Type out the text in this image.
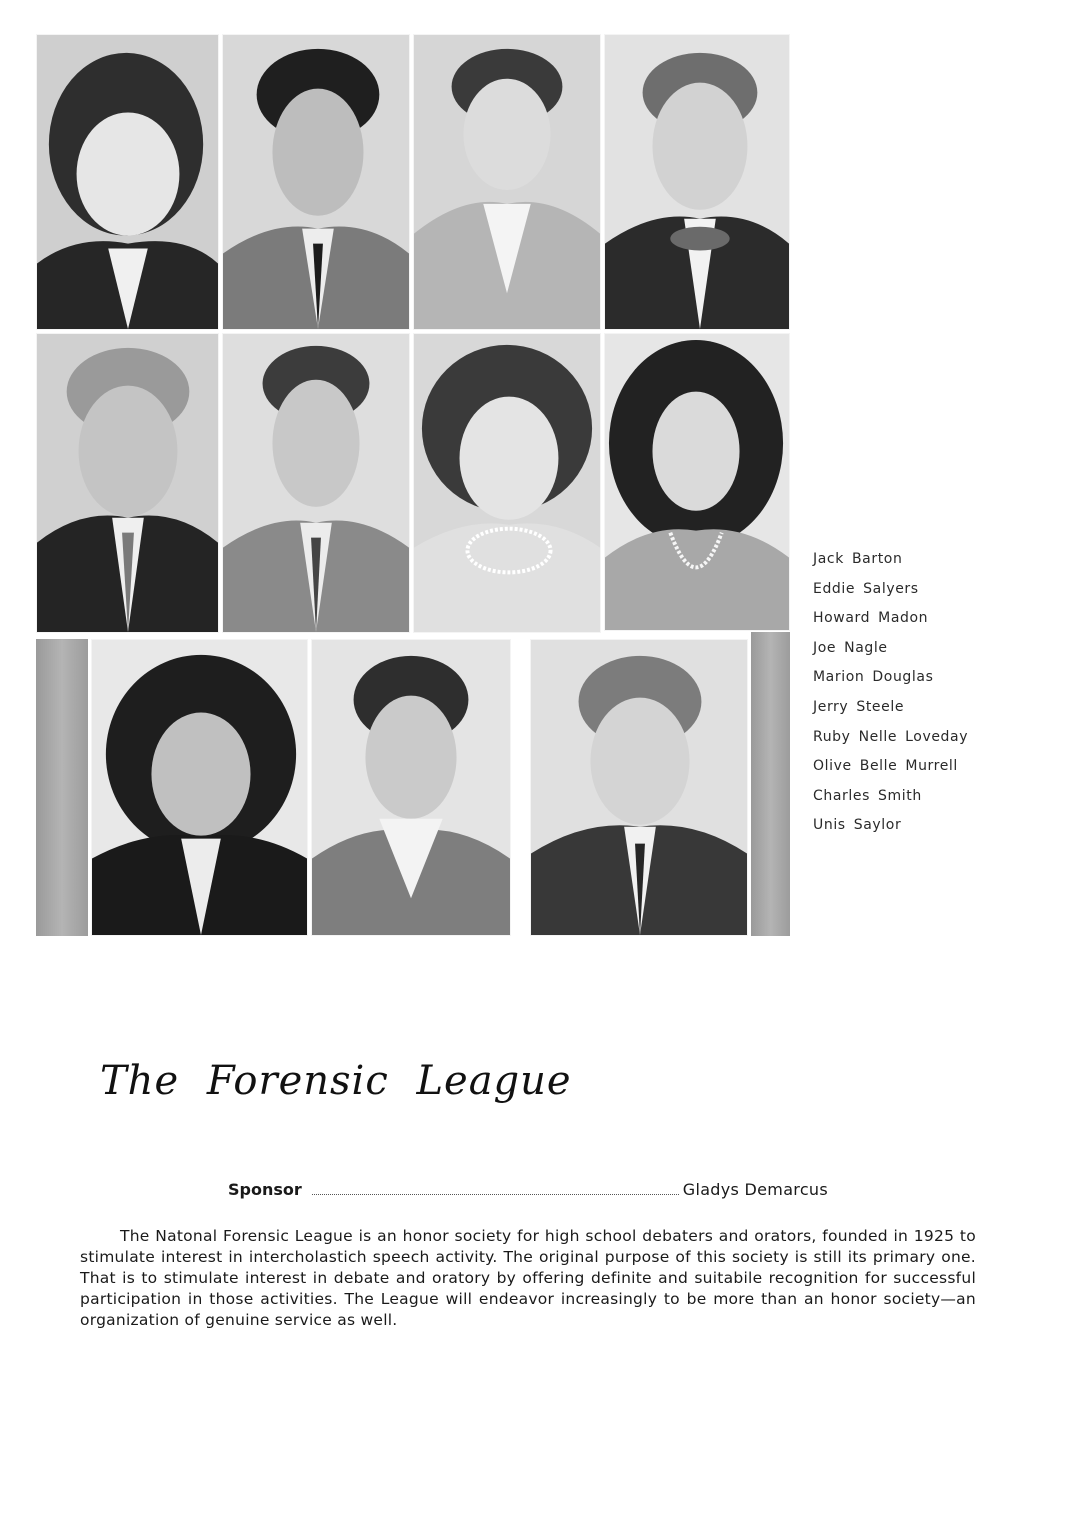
Jack Barton
Eddie Salyers
Howard Madon
Joe Nagle
Marion Douglas
Jerry Steele
Ruby Nelle Loveday
Olive Belle Murrell
Charles Smith
Unis Saylor
The Forensic League
Sponsor	Gladys Demarcus

The Natonal Forensic League is an honor society for high school debaters and orators, founded in 1925 to stimulate interest in intercholastich speech activity. The original purpose of this society is still its primary one. That is to stimulate interest in debate and oratory by offering definite and suitabile recognition for successful participation in those activities. The League will endeavor increasingly to be more than an honor society—an organization of genuine service as well.
